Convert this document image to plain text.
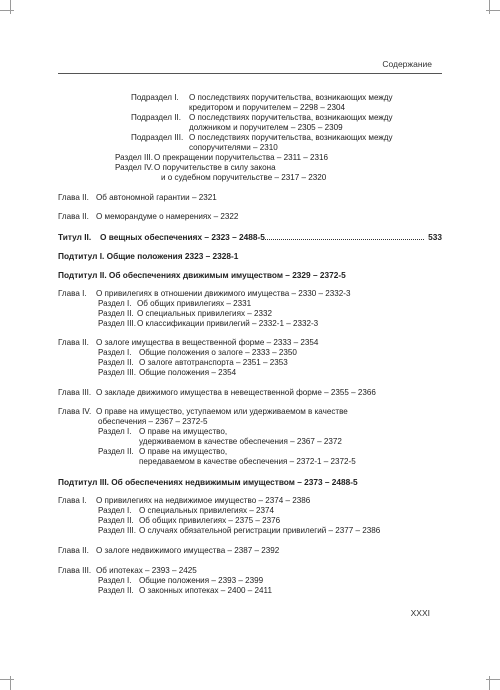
Содержание
Титул II. О вещных обеспечениях – 2323 – 2488-5	533
Подраздел I. О последствиях поручительства, возникающих между
кредитором и поручителем – 2298 – 2304
Подраздел II. О последствиях поручительства, возникающих между
должником и поручителем – 2305 – 2309
Подраздел III. О последствиях поручительства, возникающих между
сопоручителями – 2310
Раздел III. О прекращении поручительства – 2311 – 2316
Раздел IV. О поручительстве в силу закона
и о судебном поручительстве – 2317 – 2320
Глава II. Об автономной гарантии – 2321
Глава II. О меморандуме о намерениях – 2322
Глава I. О привилегиях в отношении движимого имущества – 2330 – 2332-3
Раздел I. Об общих привилегиях – 2331
Раздел II. О специальных привилегиях – 2332
Раздел III. О классификации привилегий – 2332-1 – 2332-3
Глава II. О залоге имущества в вещественной форме – 2333 – 2354
Раздел I. Общие положения о залоге – 2333 – 2350
Раздел II. О залоге автотранспорта – 2351 – 2353
Раздел III. Общие положения – 2354
Глава III. О закладе движимого имущества в невещественной форме – 2355 – 2366
Глава IV. О праве на имущество, уступаемом или удерживаемом в качестве
обеспечения – 2367 – 2372-5
Раздел I. О праве на имущество,
удерживаемом в качестве обеспечения – 2367 – 2372
Раздел II. О праве на имущество,
передаваемом в качестве обеспечения – 2372-1 – 2372-5
Глава I. О привилегиях на недвижимое имущество – 2374 – 2386
Раздел I. О специальных привилегиях – 2374
Раздел II. Об общих привилегиях – 2375 – 2376
Раздел III. О случаях обязательной регистрации привилегий – 2377 – 2386
Глава II. О залоге недвижимого имущества – 2387 – 2392
Глава III. Об ипотеках – 2393 – 2425
Раздел I. Общие положения – 2393 – 2399
Раздел II. О законных ипотеках – 2400 – 2411
Подтитул I. Общие положения 2323 – 2328-1
Подтитул II. Об обеспечениях движимым имуществом – 2329 – 2372-5
Подтитул III. Об обеспечениях недвижимым имуществом – 2373 – 2488-5
XXXI
